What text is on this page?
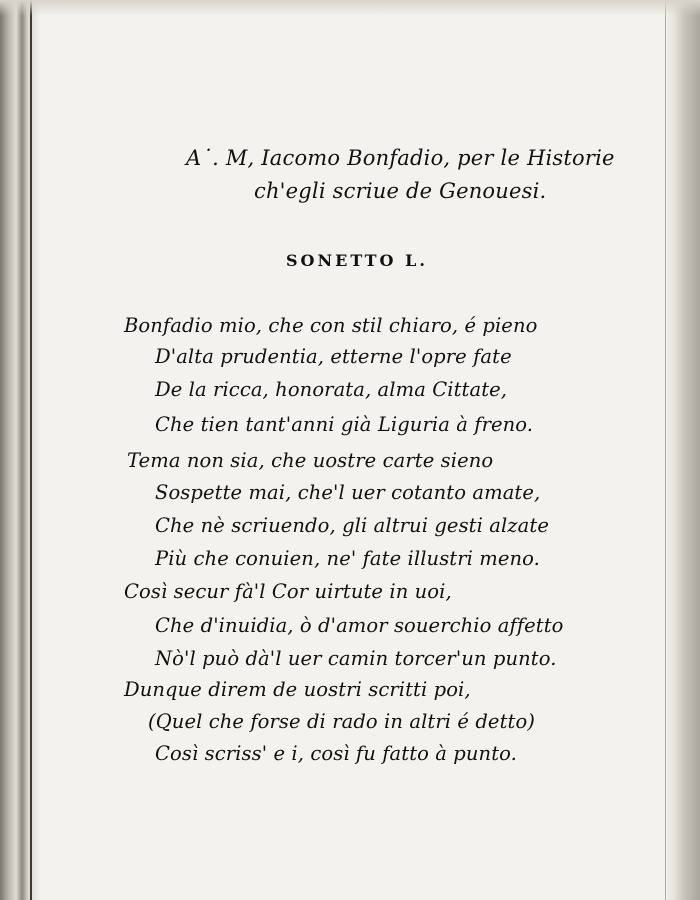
A˙. M, Iacomo Bonfadio, per le Historie

ch'egli scriue de Genouesi.

SONETTO L.

Bonfadio mio, che con stil chiaro, é pieno

D'alta prudentia, etterne l'opre fate

De la ricca, honorata, alma Cittate,

Che tien tant'anni già Liguria à freno.

Tema non sia, che uostre carte sieno

Sospette mai, che'l uer cotanto amate,

Che nè scriuendo, gli altrui gesti alzate

Più che conuien, ne' fate illustri meno.

Così secur fà'l Cor uirtute in uoi,

Che d'inuidia, ò d'amor souerchio affetto

Nò'l può dà'l uer camin torcer'un punto.

Dunque direm de uostri scritti poi,

(Quel che forse di rado in altri é detto)

Così scriss' e i, così fu fatto à punto.
